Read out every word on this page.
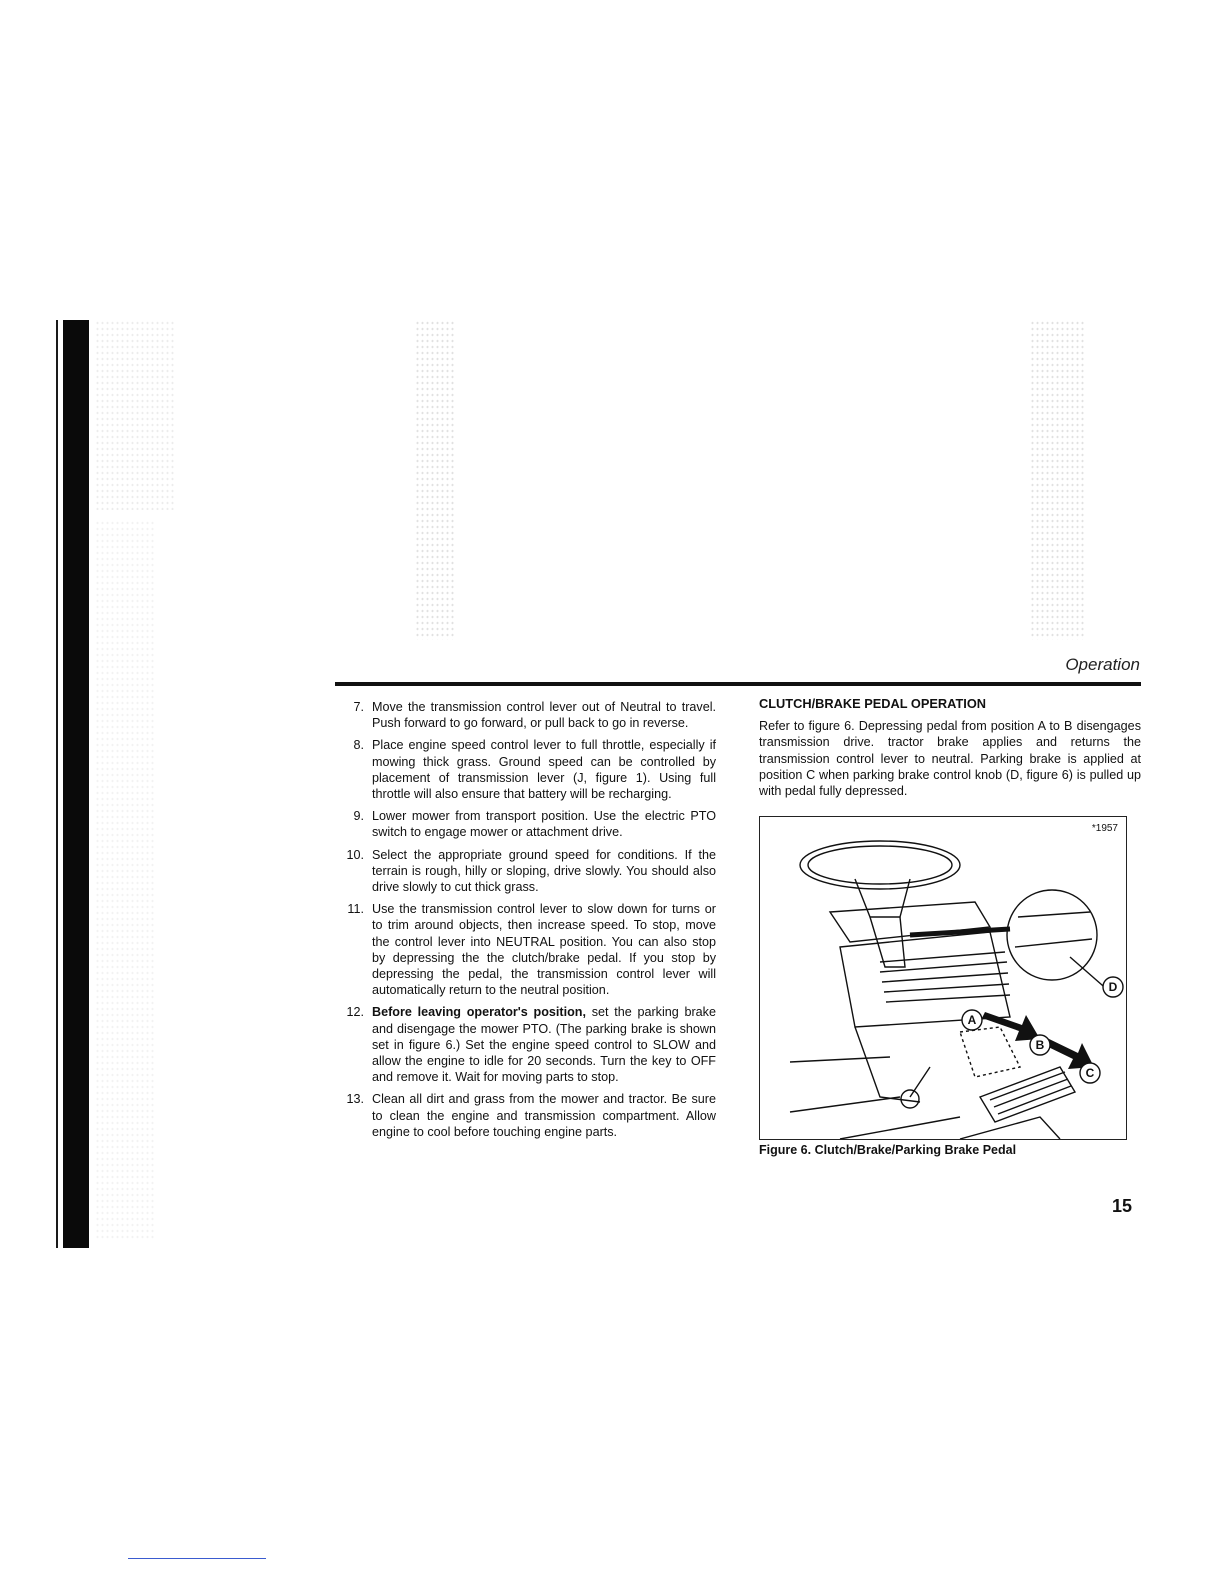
Operation
7. Move the transmission control lever out of Neutral to travel. Push forward to go forward, or pull back to go in reverse.
8. Place engine speed control lever to full throttle, especially if mowing thick grass. Ground speed can be controlled by placement of transmission lever (J, figure 1). Using full throttle will also ensure that battery will be recharging.
9. Lower mower from transport position. Use the electric PTO switch to engage mower or attachment drive.
10. Select the appropriate ground speed for conditions. If the terrain is rough, hilly or sloping, drive slowly. You should also drive slowly to cut thick grass.
11. Use the transmission control lever to slow down for turns or to trim around objects, then increase speed. To stop, move the control lever into NEUTRAL position. You can also stop by depressing the the clutch/brake pedal. If you stop by depressing the pedal, the transmission control lever will automatically return to the neutral position.
12. Before leaving operator's position, set the parking brake and disengage the mower PTO. (The parking brake is shown set in figure 6.) Set the engine speed control to SLOW and allow the engine to idle for 20 seconds. Turn the key to OFF and remove it. Wait for moving parts to stop.
13. Clean all dirt and grass from the mower and tractor. Be sure to clean the engine and transmission compartment. Allow engine to cool before touching engine parts.
CLUTCH/BRAKE PEDAL OPERATION
Refer to figure 6. Depressing pedal from position A to B disengages transmission drive. tractor brake applies and returns the transmission control lever to neutral. Parking brake is applied at position C when parking brake control knob (D, figure 6) is pulled up with pedal fully depressed.
*1957
A
B
C
D
Figure 6. Clutch/Brake/Parking Brake Pedal
15
